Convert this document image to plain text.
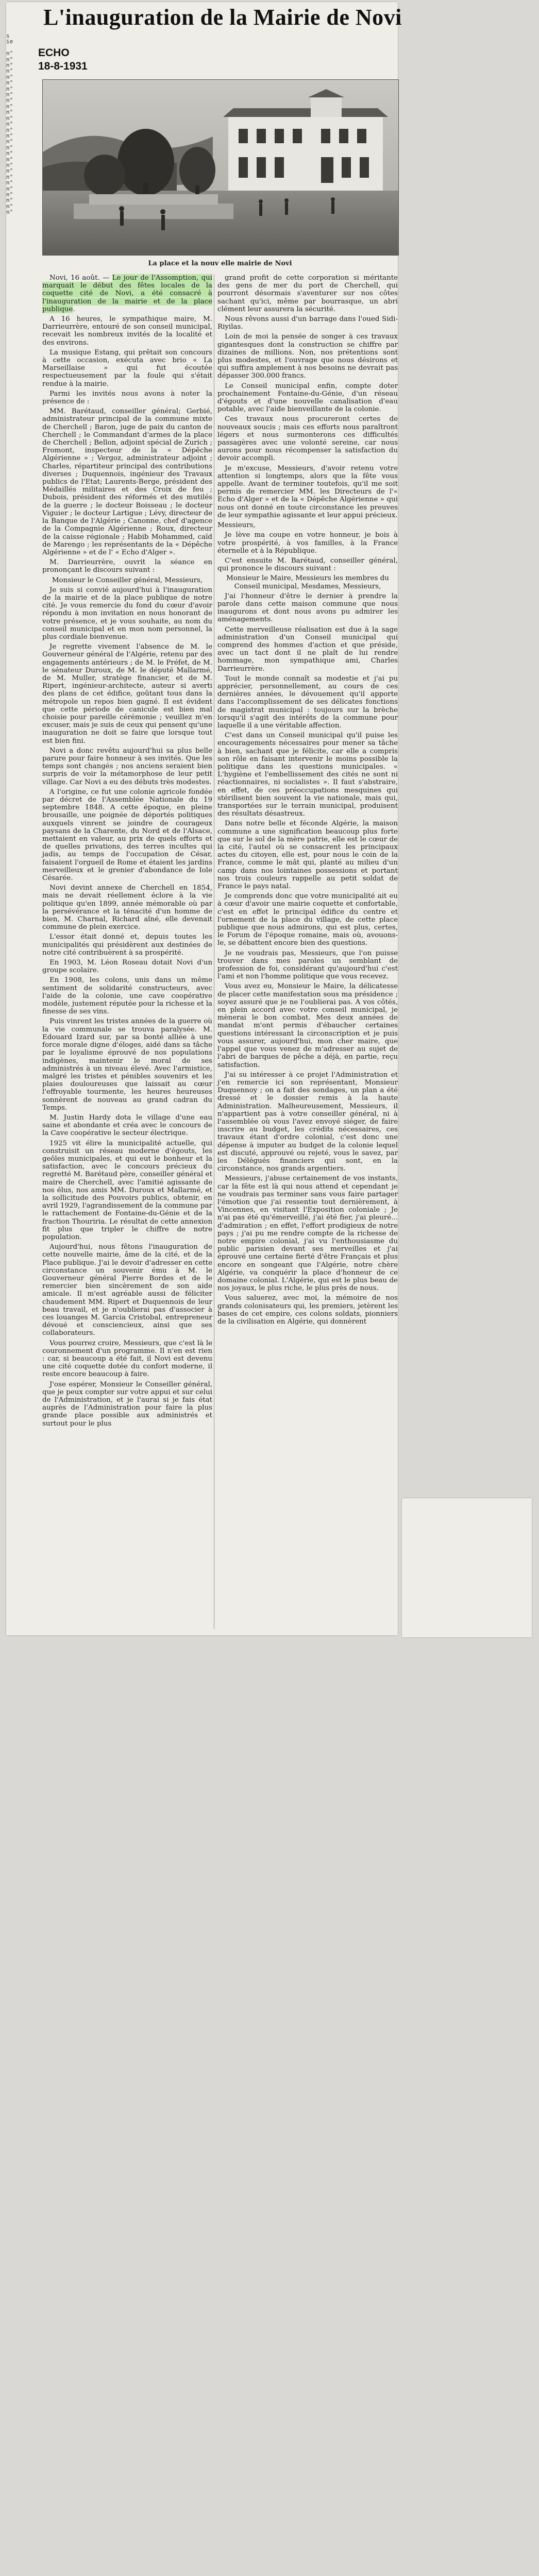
s
ie

n°
n°
n°
n°
n°
n°
n°
n°
n°
n°
n°
n°
n°
n°
n°
n°
n°
n°
n°
n°
n°
n°
n°
n°
n°
n°
n°
n°
L'inauguration de la Mairie de Novi
ECHO
18-8-1931
La place et la nouv elle mairie de Novi

Novi, 16 août. — Le jour de l'Assomption, qui marquait le début des fêtes locales de la coquette cité de Novi, a été consacré à l'inauguration de la mairie et de la place publique.

A 16 heures, le sympathique maire, M. Darrieurrère, entouré de son conseil municipal, recevait les nombreux invités de la localité et des environs.

La musique Estang, qui prêtait son concours à cette occasion, exécuta avec brio « La Marseillaise » qui fut écoutée respectueusement par la foule qui s'était rendue à la mairie.

Parmi les invités nous avons à noter la présence de :

MM. Barétaud, conseiller général; Gerbié, administrateur principal de la commune mixte de Cherchell ; Baron, juge de paix du canton de Cherchell ; le Commandant d'armes de la place de Cherchell ; Bellon, adjoint spécial de Zurich ; Fromont, inspecteur de la « Dépêche Algérienne » ; Vergoz, administrateur adjoint ; Charles, répartiteur principal des contributions diverses ; Duquennois, ingénieur des Travaux publics de l'Etat; Laurents-Berge, président des Médaillés militaires et des Croix de feu ; Dubois, président des réformés et des mutilés de la guerre ; le docteur Boisseau ; le docteur Viguier ; le docteur Lartigue ; Lévy, directeur de la Banque de l'Algérie ; Canonne, chef d'agence de la Compagnie Algérienne ; Roux, directeur de la caisse régionale ; Habib Mohammed, caïd de Marengo ; les représentants de la « Dépêche Algérienne » et de l' « Echo d'Alger ».

M. Darrieurrère, ouvrit la séance en prononçant le discours suivant :

Monsieur le Conseiller général, Messieurs,

Je suis si convié aujourd'hui à l'inauguration de la mairie et de la place publique de notre cité. Je vous remercie du fond du cœur d'avoir répondu à mon invitation en nous honorant de votre présence, et je vous souhaite, au nom du conseil municipal et en mon nom personnel, la plus cordiale bienvenue.

Je regrette vivement l'absence de M. le Gouverneur général de l'Algérie, retenu par des engagements antérieurs ; de M. le Préfet, de M. le sénateur Duroux, de M. le député Mallarmé, de M. Muller, stratège financier, et de M. Ripert, ingénieur-architecte, auteur si averti des plans de cet édifice, goûtant tous dans la métropole un repos bien gagné. Il est évident que cette période de canicule est bien mal choisie pour pareille cérémonie ; veuillez m'en excuser, mais je suis de ceux qui pensent qu'une inauguration ne doit se faire que lorsque tout est bien fini.

Novi a donc revêtu aujourd'hui sa plus belle parure pour faire honneur à ses invités. Que les temps sont changés ; nos anciens seraient bien surpris de voir la métamorphose de leur petit village. Car Novi a eu des débuts très modestes.

A l'origine, ce fut une colonie agricole fondée par décret de l'Assemblée Nationale du 19 septembre 1848. A cette époque, en pleine brousaille, une poignée de déportés politiques auxquels vinrent se joindre de courageux paysans de la Charente, du Nord et de l'Alsace, mettaient en valeur, au prix de quels efforts et de quelles privations, des terres incultes qui jadis, au temps de l'occupation de César, faisaient l'orgueil de Rome et étaient les jardins merveilleux et le grenier d'abondance de Iole Césarée.

Novi devint annexe de Cherchell en 1854, mais ne devait réellement éclore à la vie politique qu'en 1899, année mémorable où par la persévérance et la ténacité d'un homme de bien, M. Charnal, Richard aîné, elle devenait commune de plein exercice.

L'essor était donné et, depuis toutes les municipalités qui présidèrent aux destinées de notre cité contribuèrent à sa prospérité.

En 1903, M. Léon Roseau dotait Novi d'un groupe scolaire.

En 1908, les colons, unis dans un même sentiment de solidarité constructeurs, avec l'aide de la colonie, une cave coopérative modèle, justement réputée pour la richesse et la finesse de ses vins.

Puis vinrent les tristes années de la guerre où la vie communale se trouva paralysée. M. Edouard Izard sur, par sa bonté alliée à une force morale digne d'éloges, aidé dans sa tâche par le loyalisme éprouvé de nos populations indigènes, maintenir le moral de ses administrés à un niveau élevé. Avec l'armistice, malgré les tristes et pénibles souvenirs et les plaies douloureuses que laissait au cœur l'effroyable tourmente, les heures heureuses sonnèrent de nouveau au grand cadran du Temps.

M. Justin Hardy dota le village d'une eau saine et abondante et créa avec le concours de la Cave coopérative le secteur électrique.

1925 vit élire la municipalité actuelle, qui construisit un réseau moderne d'égouts, les geôles municipales, et qui eut le bonheur et la satisfaction, avec le concours précieux du regretté M. Barétaud père, conseiller général et maire de Cherchell, avec l'amitié agissante de nos élus, nos amis MM. Duroux et Mallarmé, et la sollicitude des Pouvoirs publics, obtenir, en avril 1929, l'agrandissement de la commune par le rattachement de Fontaine-du-Génie et de la fraction Thouriria. Le résultat de cette annexion fit plus que tripler le chiffre de notre population.

Aujourd'hui, nous fêtons l'inauguration de cette nouvelle mairie, âme de la cité, et de la Place publique. J'ai le devoir d'adresser en cette circonstance un souvenir ému à M. le Gouverneur général Pierre Bordes et de le remercier bien sincèrement de son aide amicale. Il m'est agréable aussi de féliciter chaudement MM. Ripert et Duquennois de leur beau travail, et je n'oublierai pas d'associer à ces louanges M. Garcia Cristobal, entrepreneur dévoué et consciencieux, ainsi que ses collaborateurs.

Vous pourrez croire, Messieurs, que c'est là le couronnement d'un programme. Il n'en est rien : car, si beaucoup a été fait, il Novi est devenu une cité coquette dotée du confort moderne, il reste encore beaucoup à faire.

J'ose espérer, Monsieur le Conseiller général, que je peux compter sur votre appui et sur celui de l'Administration, et je l'aurai si je fais état auprès de l'Administration pour faire la plus grande place possible aux administrés et surtout pour le plus

grand profit de cette corporation si méritante des gens de mer du port de Cherchell, qui pourront désormais s'aventurer sur nos côtes sachant qu'ici, même par bourrasque, un abri clément leur assurera la sécurité.

Nous rêvons aussi d'un barrage dans l'oued Sidi-Riyilas.

Loin de moi la pensée de songer à ces travaux gigantesques dont la construction se chiffre par dizaines de millions. Non, nos prétentions sont plus modestes, et l'ouvrage que nous désirons et qui suffira amplement à nos besoins ne devrait pas dépasser 300.000 francs.

Le Conseil municipal enfin, compte doter prochainement Fontaine-du-Génie, d'un réseau d'égouts et d'une nouvelle canalisation d'eau potable, avec l'aide bienveillante de la colonie.

Ces travaux nous procureront certes de nouveaux soucis ; mais ces efforts nous paraîtront légers et nous surmonterons ces difficultés passagères avec une volonté sereine, car nous aurons pour nous récompenser la satisfaction du devoir accompli.

Je m'excuse, Messieurs, d'avoir retenu votre attention si longtemps, alors que la fête vous appelle. Avant de terminer toutefois, qu'il me soit permis de remercier MM. les Directeurs de l'« Echo d'Alger » et de la « Dépêche Algérienne » qui nous ont donné en toute circonstance les preuves de leur sympathie agissante et leur appui précieux.

Messieurs,

Je lève ma coupe en votre honneur, je bois à votre prospérité, à vos familles, à la France éternelle et à la République.

C'est ensuite M. Barétaud, conseiller général, qui prononce le discours suivant :

Monsieur le Maire, Messieurs les membres du Conseil municipal, Mesdames, Messieurs,

J'ai l'honneur d'être le dernier à prendre la parole dans cette maison commune que nous inaugurons et dont nous avons pu admirer les aménagements.

Cette merveilleuse réalisation est due à la sage administration d'un Conseil municipal qui comprend des hommes d'action et que préside, avec un tact dont il ne plaît de lui rendre hommage, mon sympathique ami, Charles Darrieurrère.

Tout le monde connaît sa modestie et j'ai pu apprécier, personnellement, au cours de ces dernières années, le dévouement qu'il apporte dans l'accomplissement de ses délicates fonctions de magistrat municipal : toujours sur la brèche lorsqu'il s'agit des intérêts de la commune pour laquelle il a une véritable affection.

C'est dans un Conseil municipal qu'il puise les encouragements nécessaires pour mener sa tâche à bien, sachant que je félicite, car elle a compris son rôle en faisant intervenir le moins possible la politique dans les questions municipales. « L'hygiène et l'embellissement des cités ne sont ni réactionnaires, ni socialistes ». Il faut s'abstraire, en effet, de ces préoccupations mesquines qui stérilisent bien souvent la vie nationale, mais qui, transportées sur le terrain municipal, produisent des résultats désastreux.

Dans notre belle et féconde Algérie, la maison commune a une signification beaucoup plus forte que sur le sol de la mère patrie, elle est le cœur de la cité, l'autel où se consacrent les principaux actes du citoyen, elle est, pour nous le coin de la France, comme le mât qui, planté au milieu d'un camp dans nos lointaines possessions et portant nos trois couleurs rappelle au petit soldat de France le pays natal.

Je comprends donc que votre municipalité ait eu à cœur d'avoir une mairie coquette et confortable, c'est en effet le principal édifice du centre et l'ornement de la place du village, de cette place publique que nous admirons, qui est plus, certes, le Forum de l'époque romaine, mais où, avouons-le, se débattent encore bien des questions.

Je ne voudrais pas, Messieurs, que l'on puisse trouver dans mes paroles un semblant de profession de foi, considérant qu'aujourd'hui c'est l'ami et non l'homme politique que vous recevez.

Vous avez eu, Monsieur le Maire, la délicatesse de placer cette manifestation sous ma présidence ; soyez assuré que je ne l'oublierai pas. A vos côtés, en plein accord avec votre conseil municipal, je mènerai le bon combat. Mes deux années de mandat m'ont permis d'ébaucher certaines questions intéressant la circonscription et je puis vous assurer, aujourd'hui, mon cher maire, que l'appel que vous venez de m'adresser au sujet de l'abri de barques de pêche a déjà, en partie, reçu satisfaction.

J'ai su intéresser à ce projet l'Administration et j'en remercie ici son représentant, Monsieur Duquennoy ; on a fait des sondages, un plan a été dressé et le dossier remis à la haute Administration. Malheureusement, Messieurs, il n'appartient pas à votre conseiller général, ni à l'assemblée où vous l'avez envoyé siéger, de faire inscrire au budget, les crédits nécessaires, ces travaux étant d'ordre colonial, c'est donc une dépense à imputer au budget de la colonie lequel est discuté, approuvé ou rejeté, vous le savez, par les Délégués financiers qui sont, en la circonstance, nos grands argentiers.

Messieurs, j'abuse certainement de vos instants, car la fête est là qui nous attend et cependant je ne voudrais pas terminer sans vous faire partager l'émotion que j'ai ressentie tout dernièrement, à Vincennes, en visitant l'Exposition coloniale ; Je n'ai pas été qu'émerveillé, j'ai été fier, j'ai pleuré... d'admiration ; en effet, l'effort prodigieux de notre pays ; j'ai pu me rendre compte de la richesse de notre empire colonial, j'ai vu l'enthousiasme du public parisien devant ses merveilles et j'ai éprouvé une certaine fierté d'être Français et plus encore en songeant que l'Algérie, notre chère Algérie, va conquérir la place d'honneur de ce domaine colonial. L'Algérie, qui est le plus beau de nos joyaux, le plus riche, le plus près de nous.

Vous saluerez, avec moi, la mémoire de nos grands colonisateurs qui, les premiers, jetèrent les bases de cet empire, ces colons soldats, pionniers de la civilisation en Algérie, qui donnèrent
